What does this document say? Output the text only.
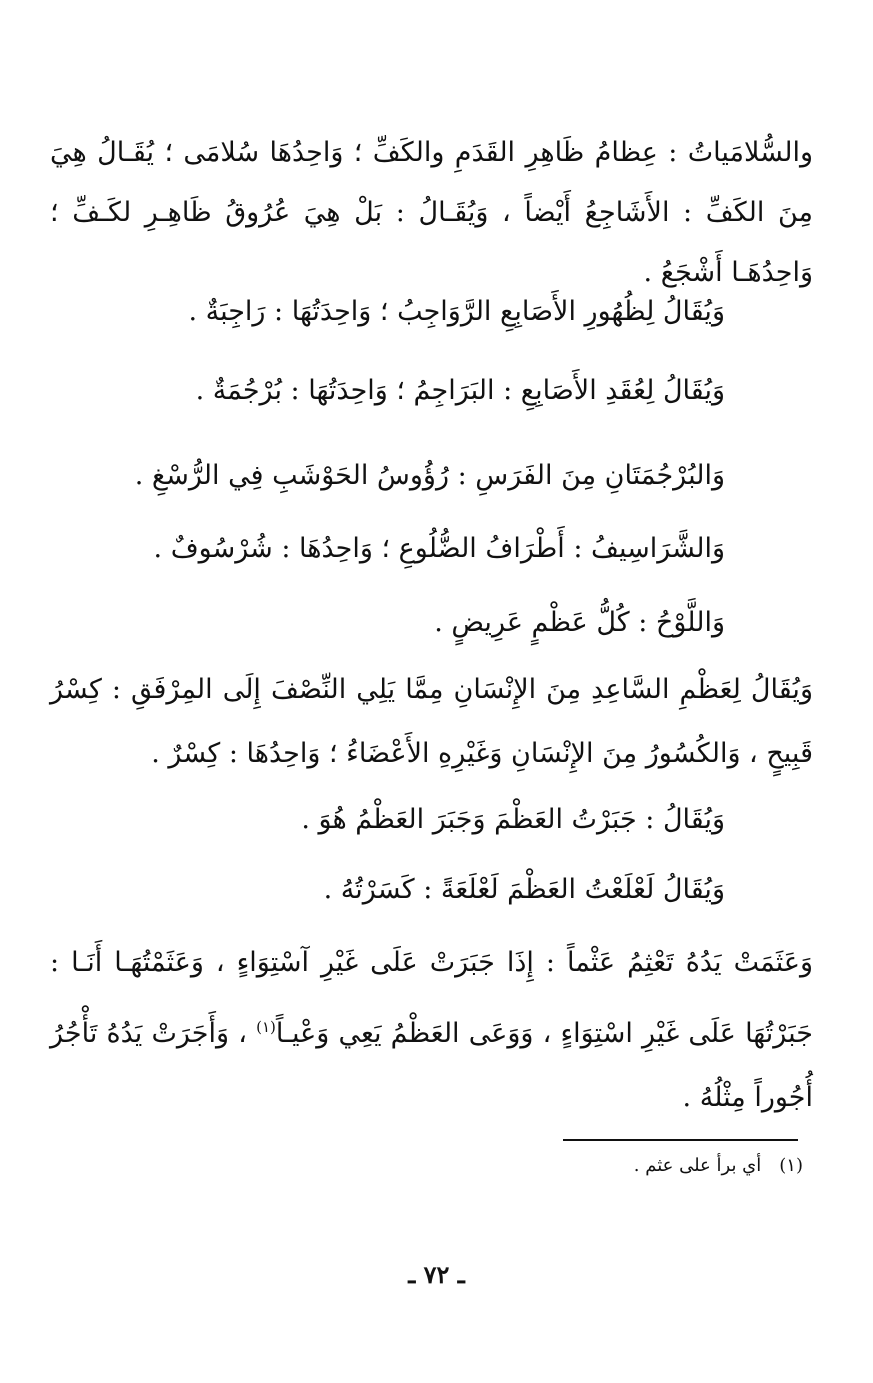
والسُّلامَياتُ : عِظامُ ظَاهِرِ القَدَمِ والكَفِّ ؛ وَاحِدُهَا سُلامَى ؛ يُقَـالُ هِيَ مِنَ الكَفِّ : الأَشَاجِعُ أَيْضاً ، وَيُقَـالُ : بَلْ هِيَ عُرُوقُ ظَاهِـرِ لكَـفِّ ؛ وَاحِدُهَـا أَشْجَعُ .
وَيُقَالُ لِظُهُورِ الأَصَابِعِ الرَّوَاجِبُ ؛ وَاحِدَتُهَا : رَاجِبَةٌ .
وَيُقَالُ لِعُقَدِ الأَصَابِعِ : البَرَاجِمُ ؛ وَاحِدَتُهَا : بُرْجُمَةٌ .
وَالبُرْجُمَتَانِ مِنَ الفَرَسِ : رُؤُوسُ الحَوْشَبِ فِي الرُّسْغِ .
وَالشَّرَاسِيفُ : أَطْرَافُ الضُّلُوعِ ؛ وَاحِدُهَا : شُرْسُوفٌ .
وَاللَّوْحُ : كُلُّ عَظْمٍ عَرِيضٍ .
وَيُقَالُ لِعَظْمِ السَّاعِدِ مِنَ الإِنْسَانِ مِمَّا يَلِي النِّصْفَ إِلَى المِرْفَقِ : كِسْرُ قَبِيحٍ ، وَالكُسُورُ مِنَ الإِنْسَانِ وَغَيْرِهِ الأَعْضَاءُ ؛ وَاحِدُهَا : كِسْرٌ .
وَيُقَالُ : جَبَرْتُ العَظْمَ وَجَبَرَ العَظْمُ هُوَ .
وَيُقَالُ لَعْلَعْتُ العَظْمَ لَعْلَعَةً : كَسَرْتُهُ .
وَعَثَمَتْ يَدُهُ تَعْثِمُ عَثْماً : إِذَا جَبَرَتْ عَلَى غَيْرِ آسْتِوَاءٍ ، وَعَثَمْتُهَـا أَنَـا : جَبَرْتُهَا عَلَى غَيْرِ اسْتِوَاءٍ ، وَوَعَى العَظْمُ يَعِي وَعْيـاً$^{(١)}$ ، وَأَجَرَتْ يَدُهُ تَأْجُرُ أُجُوراً مِثْلُهُ .
(١)أي برأ على عثم .
ـ ٧٢ ـ
